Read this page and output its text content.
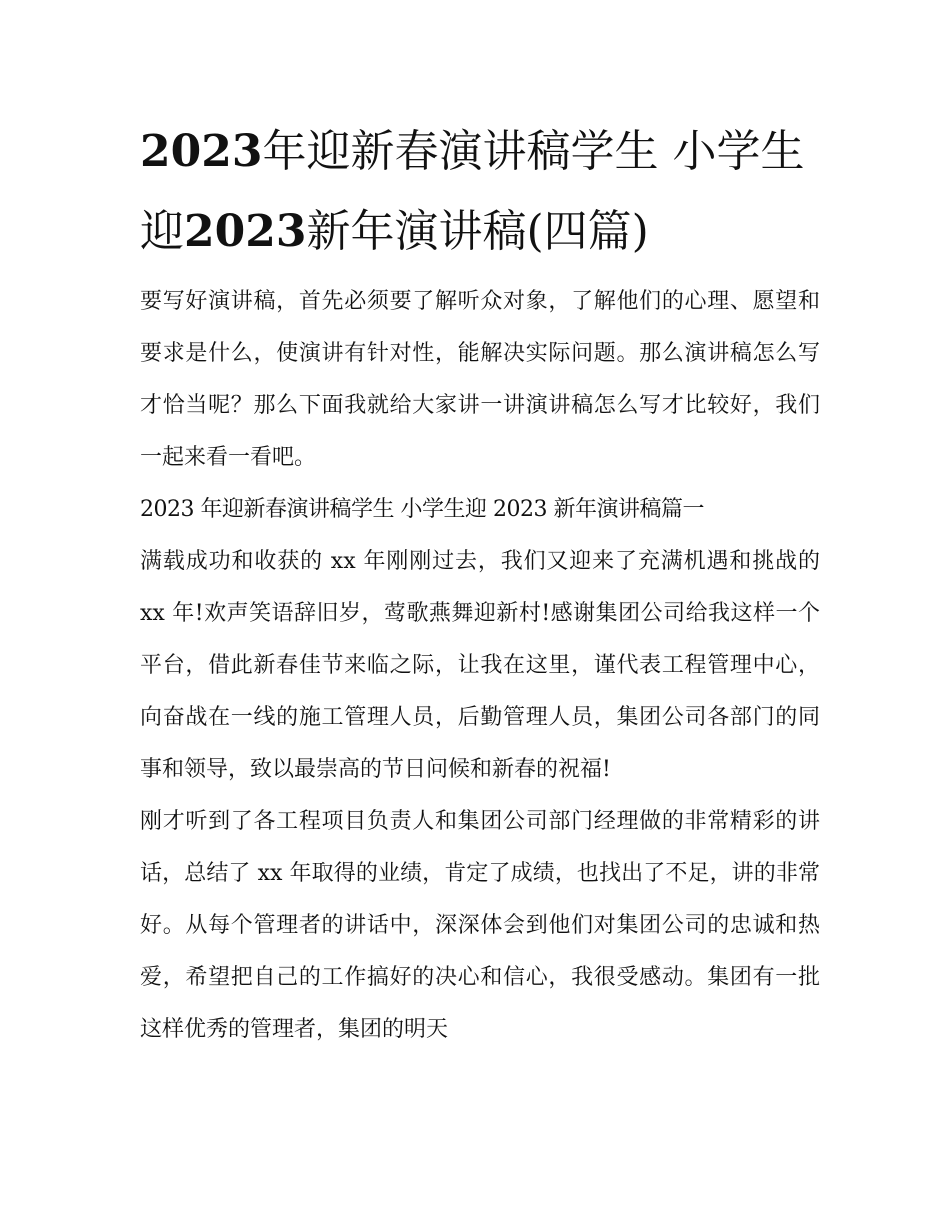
2023年迎新春演讲稿学生 小学生迎2023新年演讲稿(四篇)

要写好演讲稿，首先必须要了解听众对象，了解他们的心理、愿望和要求是什么，使演讲有针对性，能解决实际问题。那么演讲稿怎么写才恰当呢？那么下面我就给大家讲一讲演讲稿怎么写才比较好，我们一起来看一看吧。

2023 年迎新春演讲稿学生 小学生迎 2023 新年演讲稿篇一

满载成功和收获的 xx 年刚刚过去，我们又迎来了充满机遇和挑战的 xx 年!欢声笑语辞旧岁，莺歌燕舞迎新村!感谢集团公司给我这样一个平台，借此新春佳节来临之际，让我在这里，谨代表工程管理中心，向奋战在一线的施工管理人员，后勤管理人员，集团公司各部门的同事和领导，致以最崇高的节日问候和新春的祝福!

刚才听到了各工程项目负责人和集团公司部门经理做的非常精彩的讲话，总结了 xx 年取得的业绩，肯定了成绩，也找出了不足，讲的非常好。从每个管理者的讲话中，深深体会到他们对集团公司的忠诚和热爱，希望把自己的工作搞好的决心和信心，我很受感动。集团有一批这样优秀的管理者，集团的明天
